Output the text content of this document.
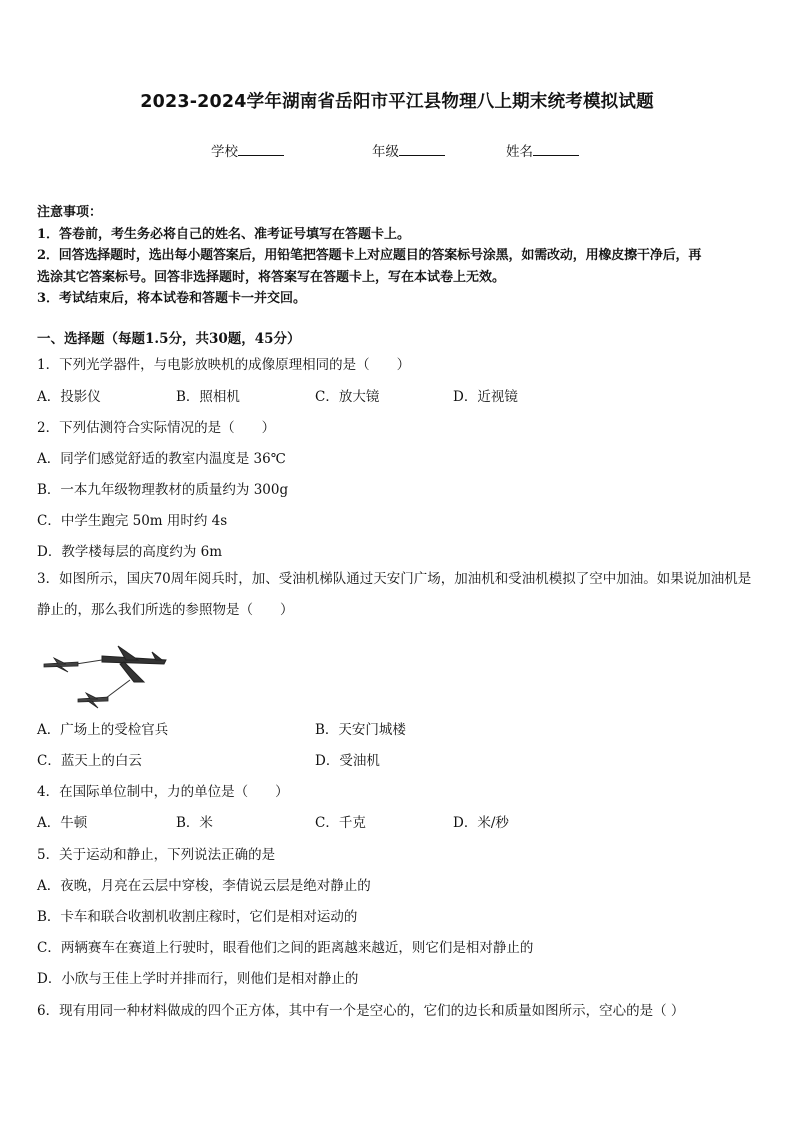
2023-2024学年湖南省岳阳市平江县物理八上期末统考模拟试题
学校	年级	姓名
注意事项：
1．答卷前，考生务必将自己的姓名、准考证号填写在答题卡上。
2．回答选择题时，选出每小题答案后，用铅笔把答题卡上对应题目的答案标号涂黑，如需改动，用橡皮擦干净后，再
选涂其它答案标号。回答非选择题时，将答案写在答题卡上，写在本试卷上无效。
3．考试结束后，将本试卷和答题卡一并交回。
一、选择题（每题1.5分，共30题，45分）
1．下列光学器件，与电影放映机的成像原理相同的是（　　）
A．投影仪	B．照相机	C．放大镜	D．近视镜
2．下列估测符合实际情况的是（　　）
A．同学们感觉舒适的教室内温度是 36℃
B．一本九年级物理教材的质量约为 300g
C．中学生跑完 50m 用时约 4s
D．教学楼每层的高度约为 6m
3．如图所示，国庆70周年阅兵时，加、受油机梯队通过天安门广场，加油机和受油机模拟了空中加油。如果说加油机是静止的，那么我们所选的参照物是（　　）
A．广场上的受检官兵	B．天安门城楼
C．蓝天上的白云	D．受油机
4．在国际单位制中，力的单位是（　　）
A．牛顿	B．米	C．千克	D．米/秒
5．关于运动和静止，下列说法正确的是
A．夜晚，月亮在云层中穿梭，李倩说云层是绝对静止的
B．卡车和联合收割机收割庄稼时，它们是相对运动的
C．两辆赛车在赛道上行驶时，眼看他们之间的距离越来越近，则它们是相对静止的
D．小欣与王佳上学时并排而行，则他们是相对静止的
6．现有用同一种材料做成的四个正方体，其中有一个是空心的，它们的边长和质量如图所示，空心的是（ ）
